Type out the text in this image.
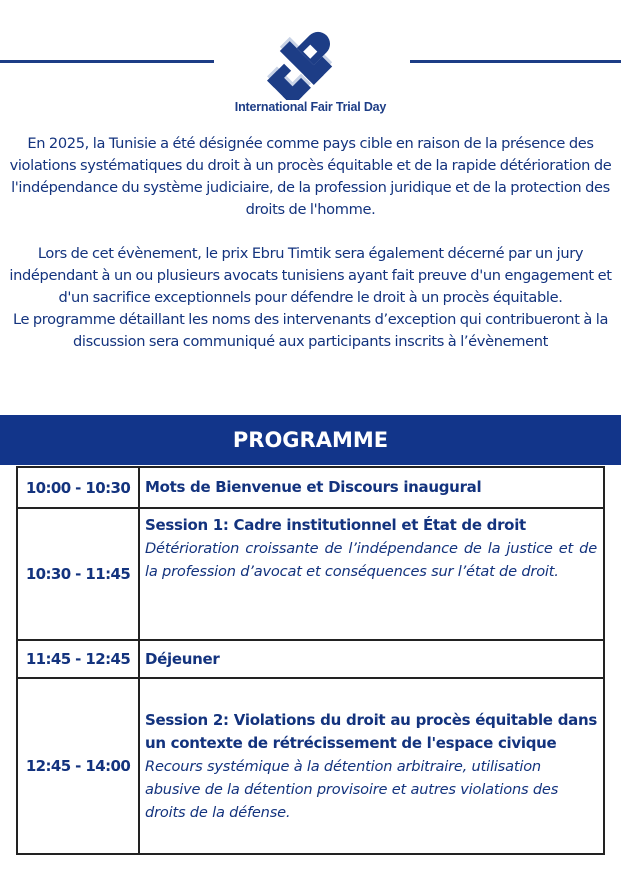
International Fair Trial Day

En 2025, la Tunisie a été désignée comme pays cible en raison de la présence des violations systématiques du droit à un procès équitable et de la rapide détérioration de l'indépendance du système judiciaire, de la profession juridique et de la protection des droits de l'homme.

Lors de cet évènement, le prix Ebru Timtik sera également décerné par un jury indépendant à un ou plusieurs avocats tunisiens ayant fait preuve d'un engagement et d'un sacrifice exceptionnels pour défendre le droit à un procès équitable.

Le programme détaillant les noms des intervenants d’exception qui contribueront à la discussion sera communiqué aux participants inscrits à l’évènement

PROGRAMME
10:00 - 10:30	Mots de Bienvenue et Discours inaugural

10:30 - 11:45	Session 1: Cadre institutionnel et État de droit
Détérioration croissante de l’indépendance de la justice et de la profession d’avocat et conséquences sur l’état de droit.

11:45 - 12:45	Déjeuner

12:45 - 14:00	Session 2: Violations du droit au procès équitable dans un contexte de rétrécissement de l'espace civique
Recours systémique à la détention arbitraire, utilisation abusive de la détention provisoire et autres violations des droits de la défense.
